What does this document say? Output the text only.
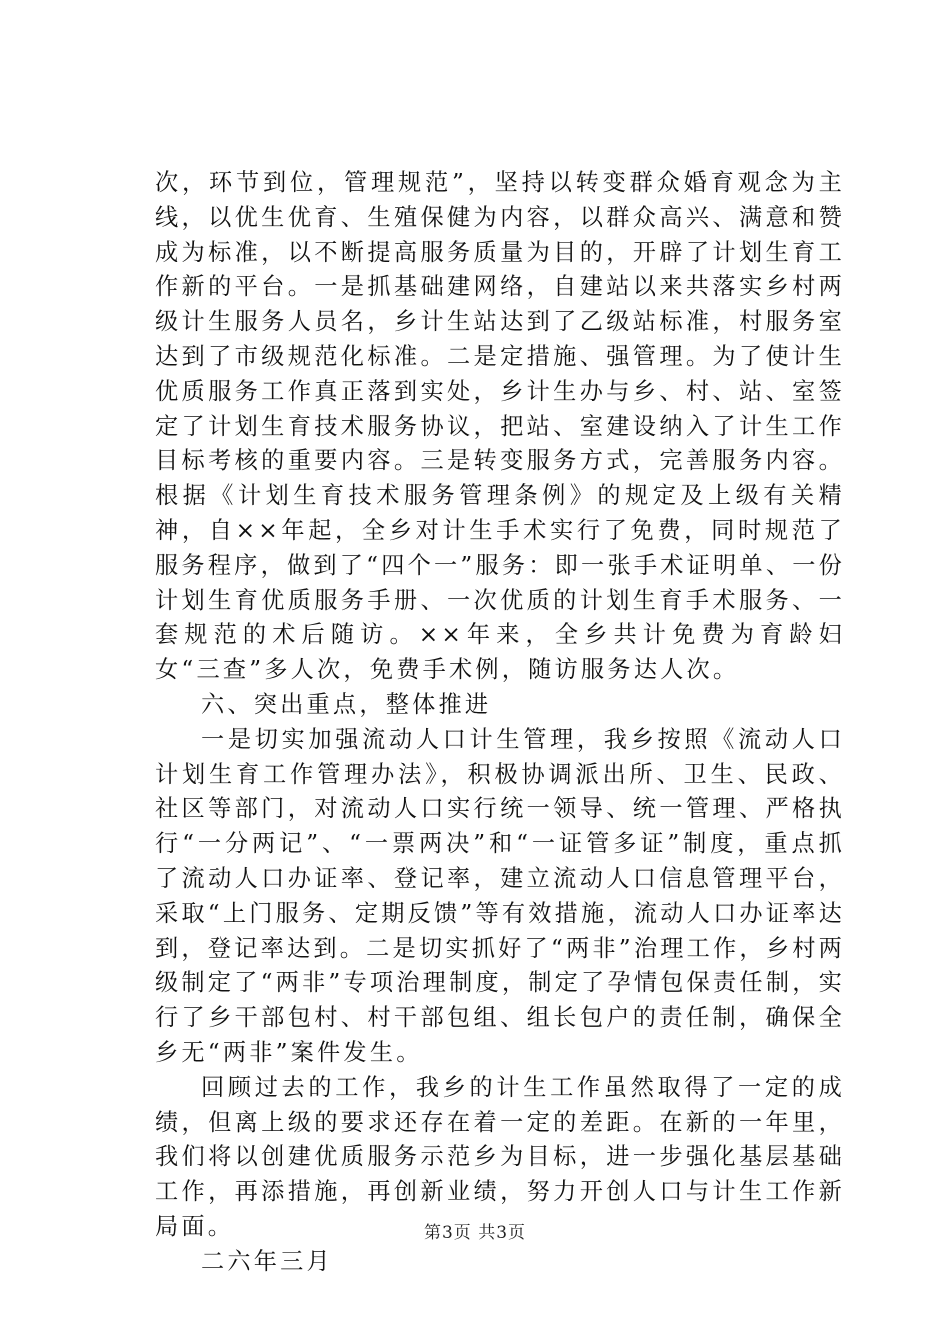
次，环节到位，管理规范”，坚持以转变群众婚育观念为主线，以优生优育、生殖保健为内容，以群众高兴、满意和赞成为标准，以不断提高服务质量为目的，开辟了计划生育工作新的平台。一是抓基础建网络，自建站以来共落实乡村两级计生服务人员名，乡计生站达到了乙级站标准，村服务室达到了市级规范化标准。二是定措施、强管理。为了使计生优质服务工作真正落到实处，乡计生办与乡、村、站、室签定了计划生育技术服务协议，把站、室建设纳入了计生工作目标考核的重要内容。三是转变服务方式，完善服务内容。根据《计划生育技术服务管理条例》的规定及上级有关精神，自××年起，全乡对计生手术实行了免费，同时规范了服务程序，做到了“四个一”服务：即一张手术证明单、一份计划生育优质服务手册、一次优质的计划生育手术服务、一套规范的术后随访。××年来，全乡共计免费为育龄妇女“三查”多人次，免费手术例，随访服务达人次。

六、突出重点，整体推进

一是切实加强流动人口计生管理，我乡按照《流动人口计划生育工作管理办法》，积极协调派出所、卫生、民政、社区等部门，对流动人口实行统一领导、统一管理、严格执行“一分两记”、“一票两决”和“一证管多证”制度，重点抓了流动人口办证率、登记率，建立流动人口信息管理平台，采取“上门服务、定期反馈”等有效措施，流动人口办证率达到，登记率达到。二是切实抓好了“两非”治理工作，乡村两级制定了“两非”专项治理制度，制定了孕情包保责任制，实行了乡干部包村、村干部包组、组长包户的责任制，确保全乡无“两非”案件发生。

回顾过去的工作，我乡的计生工作虽然取得了一定的成绩，但离上级的要求还存在着一定的差距。在新的一年里，我们将以创建优质服务示范乡为目标，进一步强化基层基础工作，再添措施，再创新业绩，努力开创人口与计生工作新局面。

二六年三月

第3页 共3页
